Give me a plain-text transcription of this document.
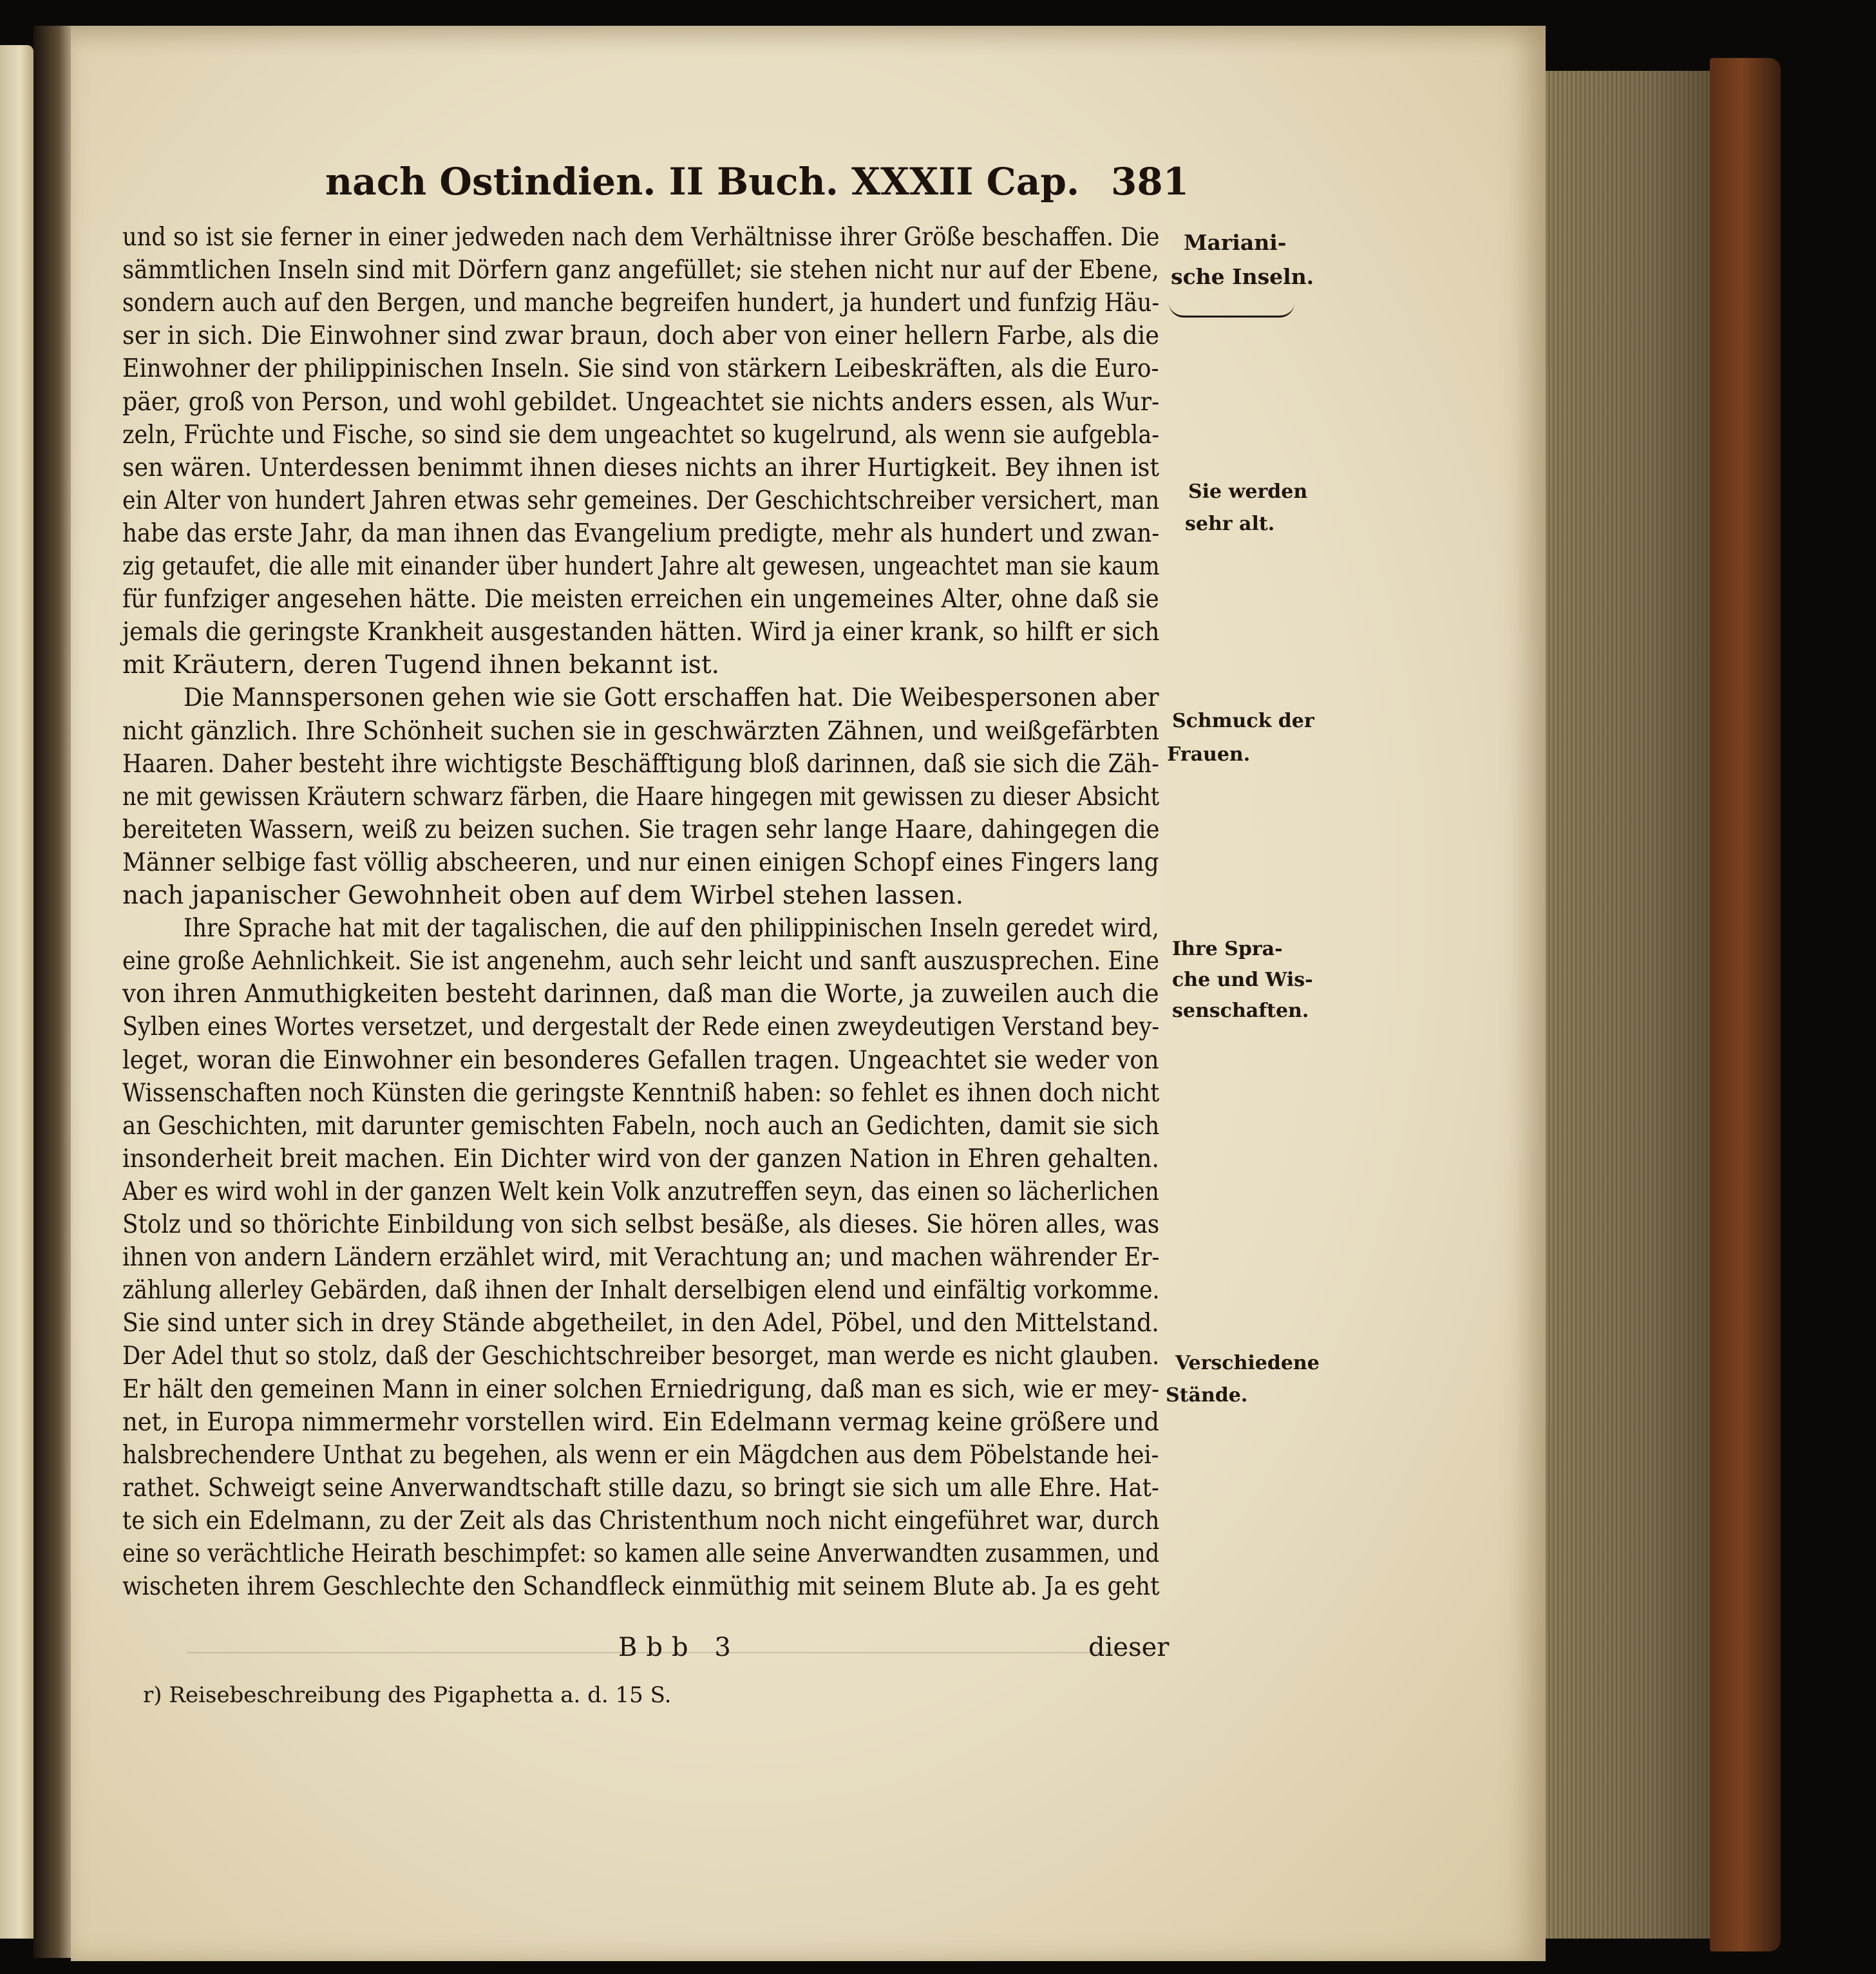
nach Ostindien. II Buch. XXXII Cap. 381
und so ist sie ferner in einer jedweden nach dem Verhältnisse ihrer Größe beschaffen. Die
sämmtlichen Inseln sind mit Dörfern ganz angefüllet; sie stehen nicht nur auf der Ebene,
sondern auch auf den Bergen, und manche begreifen hundert, ja hundert und funfzig Häu-
ser in sich. Die Einwohner sind zwar braun, doch aber von einer hellern Farbe, als die
Einwohner der philippinischen Inseln. Sie sind von stärkern Leibeskräften, als die Euro-
päer, groß von Person, und wohl gebildet. Ungeachtet sie nichts anders essen, als Wur-
zeln, Früchte und Fische, so sind sie dem ungeachtet so kugelrund, als wenn sie aufgebla-
sen wären. Unterdessen benimmt ihnen dieses nichts an ihrer Hurtigkeit. Bey ihnen ist
ein Alter von hundert Jahren etwas sehr gemeines. Der Geschichtschreiber versichert, man
habe das erste Jahr, da man ihnen das Evangelium predigte, mehr als hundert und zwan-
zig getaufet, die alle mit einander über hundert Jahre alt gewesen, ungeachtet man sie kaum
für funfziger angesehen hätte. Die meisten erreichen ein ungemeines Alter, ohne daß sie
jemals die geringste Krankheit ausgestanden hätten. Wird ja einer krank, so hilft er sich
mit Kräutern, deren Tugend ihnen bekannt ist.
Die Mannspersonen gehen wie sie Gott erschaffen hat. Die Weibespersonen aber
nicht gänzlich. Ihre Schönheit suchen sie in geschwärzten Zähnen, und weißgefärbten
Haaren. Daher besteht ihre wichtigste Beschäfftigung bloß darinnen, daß sie sich die Zäh-
ne mit gewissen Kräutern schwarz färben, die Haare hingegen mit gewissen zu dieser Absicht
bereiteten Wassern, weiß zu beizen suchen. Sie tragen sehr lange Haare, dahingegen die
Männer selbige fast völlig abscheeren, und nur einen einigen Schopf eines Fingers lang
nach japanischer Gewohnheit oben auf dem Wirbel stehen lassen.
Ihre Sprache hat mit der tagalischen, die auf den philippinischen Inseln geredet wird,
eine große Aehnlichkeit. Sie ist angenehm, auch sehr leicht und sanft auszusprechen. Eine
von ihren Anmuthigkeiten besteht darinnen, daß man die Worte, ja zuweilen auch die
Sylben eines Wortes versetzet, und dergestalt der Rede einen zweydeutigen Verstand bey-
leget, woran die Einwohner ein besonderes Gefallen tragen. Ungeachtet sie weder von
Wissenschaften noch Künsten die geringste Kenntniß haben: so fehlet es ihnen doch nicht
an Geschichten, mit darunter gemischten Fabeln, noch auch an Gedichten, damit sie sich
insonderheit breit machen. Ein Dichter wird von der ganzen Nation in Ehren gehalten.
Aber es wird wohl in der ganzen Welt kein Volk anzutreffen seyn, das einen so lächerlichen
Stolz und so thörichte Einbildung von sich selbst besäße, als dieses. Sie hören alles, was
ihnen von andern Ländern erzählet wird, mit Verachtung an; und machen währender Er-
zählung allerley Gebärden, daß ihnen der Inhalt derselbigen elend und einfältig vorkomme.
Sie sind unter sich in drey Stände abgetheilet, in den Adel, Pöbel, und den Mittelstand.
Der Adel thut so stolz, daß der Geschichtschreiber besorget, man werde es nicht glauben.
Er hält den gemeinen Mann in einer solchen Erniedrigung, daß man es sich, wie er mey-
net, in Europa nimmermehr vorstellen wird. Ein Edelmann vermag keine größere und
halsbrechendere Unthat zu begehen, als wenn er ein Mägdchen aus dem Pöbelstande hei-
rathet. Schweigt seine Anverwandtschaft stille dazu, so bringt sie sich um alle Ehre. Hat-
te sich ein Edelmann, zu der Zeit als das Christenthum noch nicht eingeführet war, durch
eine so verächtliche Heirath beschimpfet: so kamen alle seine Anverwandten zusammen, und
wischeten ihrem Geschlechte den Schandfleck einmüthig mit seinem Blute ab. Ja es geht
Mariani-
sche Inseln.
Sie werden
sehr alt.
Schmuck der
Frauen.
Ihre Spra-
che und Wis-
senschaften.
Verschiedene
Stände.
Bbb 3	dieser
r) Reisebeschreibung des Pigaphetta a. d. 15 S.
